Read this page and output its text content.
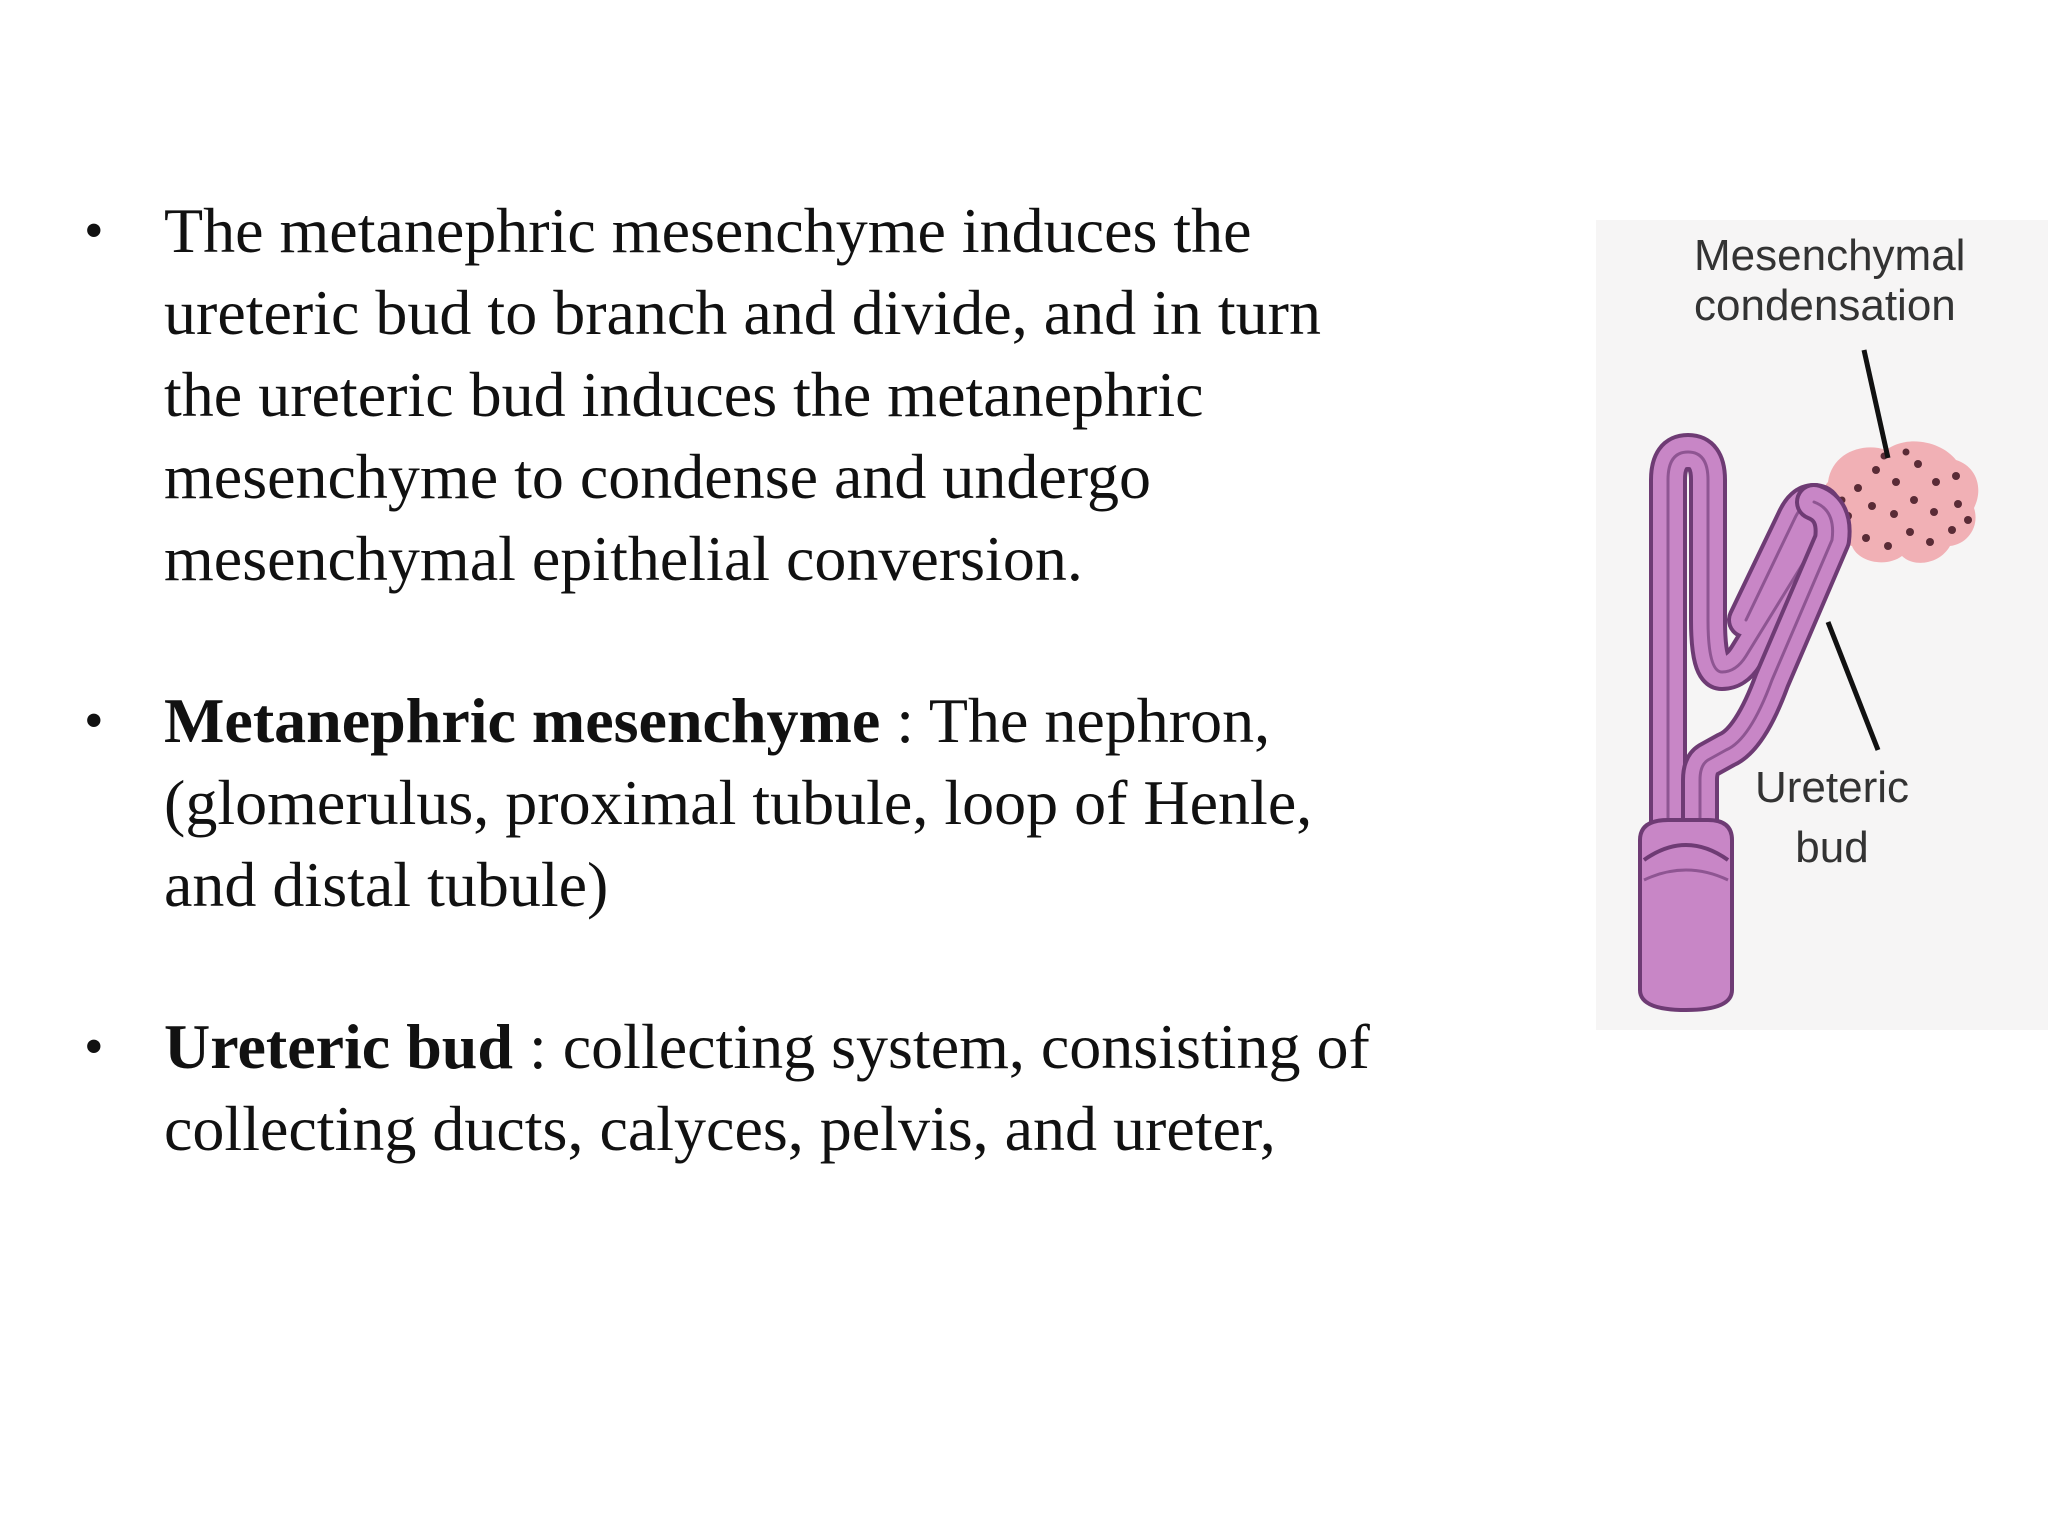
• The metanephric mesenchyme induces the
ureteric bud to branch and divide, and in turn
the ureteric bud induces the metanephric
mesenchyme to condense and undergo
mesenchymal epithelial conversion.
• Metanephric mesenchyme : The nephron,
(glomerulus, proximal tubule, loop of Henle,
and distal tubule)
• Ureteric bud : collecting system, consisting of
collecting ducts, calyces, pelvis, and ureter,
Mesenchymal
condensation
Ureteric
bud
